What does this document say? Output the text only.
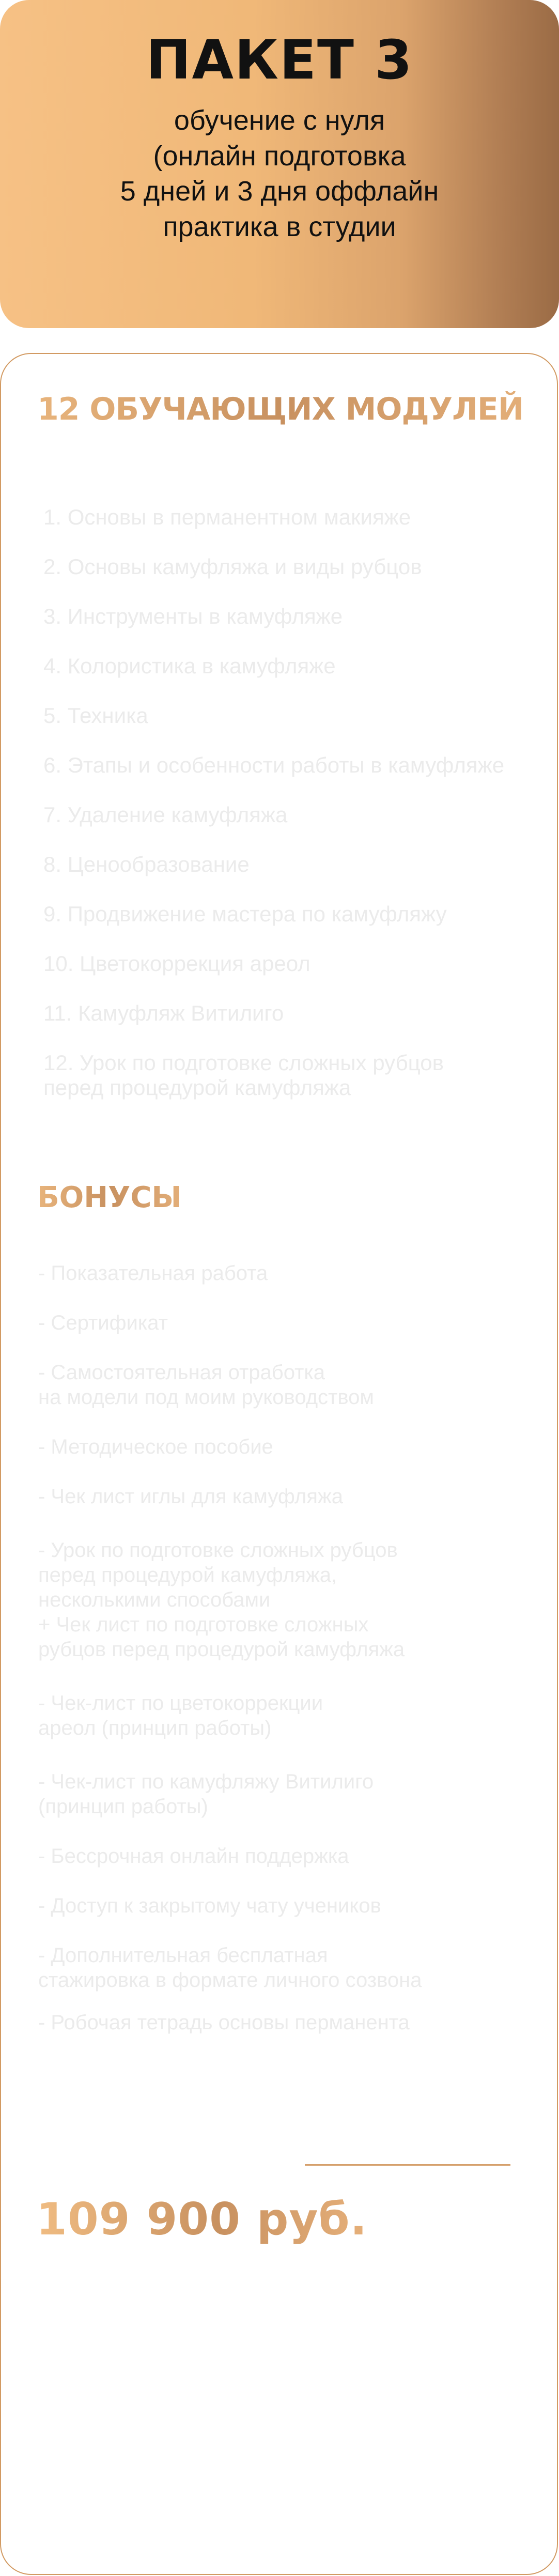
ПАКЕТ 3
обучение с нуля
(онлайн подготовка
5 дней и 3 дня оффлайн
практика в студии
12 ОБУЧАЮЩИХ МОДУЛЕЙ
1. Основы в перманентном макияже
2. Основы камуфляжа и виды рубцов
3. Инструменты в камуфляже
4. Колористика в камуфляже
5. Техника
6. Этапы и особенности работы в камуфляже
7. Удаление камуфляжа
8. Ценообразование
9. Продвижение мастера по камуфляжу
10. Цветокоррекция ареол
11. Камуфляж Витилиго
12. Урок по подготовке сложных рубцов
перед процедурой камуфляжа
БОНУСЫ
- Показательная работа
- Сертификат
- Самостоятельная отработка
на модели под моим руководством
- Методическое пособие
- Чек лист иглы для камуфляжа
- Урок по подготовке сложных рубцов
перед процедурой камуфляжа,
несколькими способами
+ Чек лист по подготовке сложных
рубцов перед процедурой камуфляжа
- Чек-лист по цветокоррекции
ареол (принцип работы)
- Чек-лист по камуфляжу Витилиго
(принцип работы)
- Бессрочная онлайн поддержка
- Доступ к закрытому чату учеников
- Дополнительная бесплатная
стажировка в формате личного созвона
- Робочая тетрадь основы перманента
109 900 руб.
